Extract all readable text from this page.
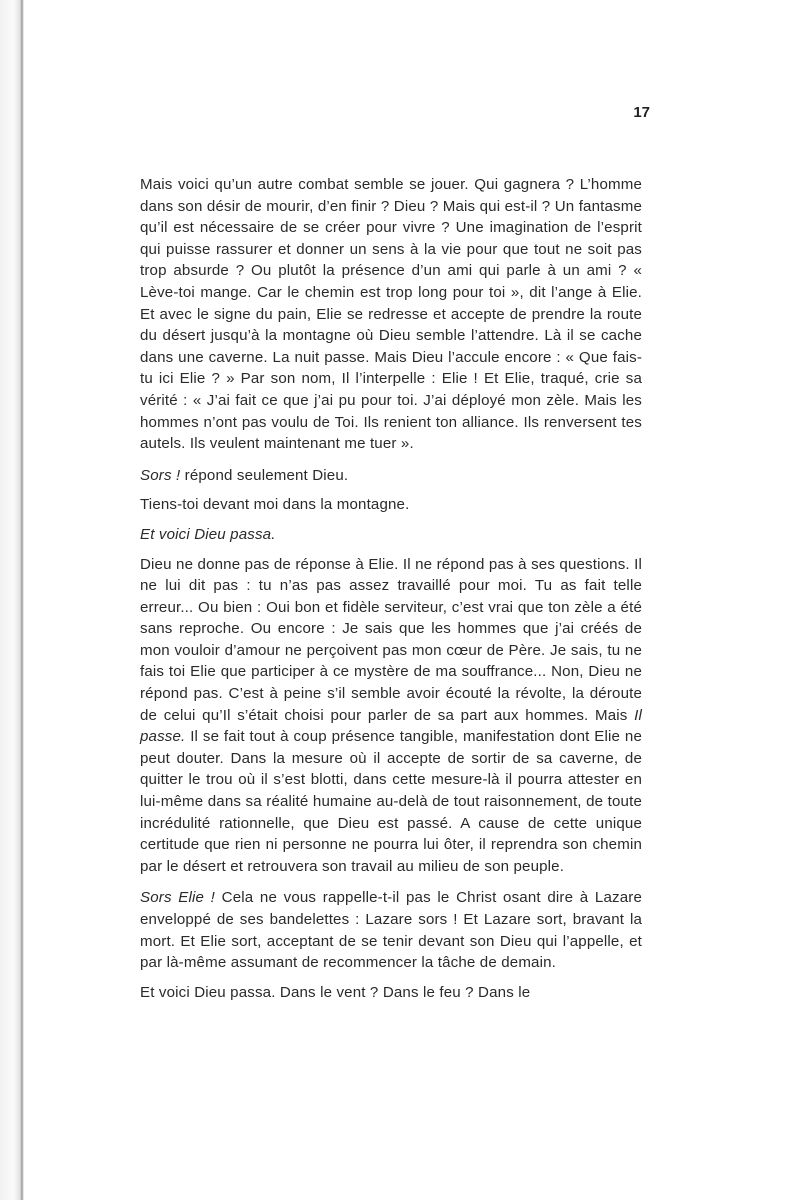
17

Mais voici qu’un autre combat semble se jouer. Qui gagnera ? L’homme dans son désir de mourir, d’en finir ? Dieu ? Mais qui est-il ? Un fantasme qu’il est nécessaire de se créer pour vivre ? Une imagination de l’esprit qui puisse rassurer et donner un sens à la vie pour que tout ne soit pas trop absurde ? Ou plutôt la présence d’un ami qui parle à un ami ? « Lève-toi mange. Car le chemin est trop long pour toi », dit l’ange à Elie. Et avec le signe du pain, Elie se redresse et accepte de prendre la route du désert jusqu’à la montagne où Dieu semble l’attendre. Là il se cache dans une caverne. La nuit passe. Mais Dieu l’accule encore : « Que fais-tu ici Elie ? » Par son nom, Il l’interpelle : Elie ! Et Elie, traqué, crie sa vérité : « J’ai fait ce que j’ai pu pour toi. J’ai déployé mon zèle. Mais les hommes n’ont pas voulu de Toi. Ils renient ton alliance. Ils renversent tes autels. Ils veulent maintenant me tuer ».

Sors ! répond seulement Dieu.

Tiens-toi devant moi dans la montagne.

Et voici Dieu passa.

Dieu ne donne pas de réponse à Elie. Il ne répond pas à ses questions. Il ne lui dit pas : tu n’as pas assez travaillé pour moi. Tu as fait telle erreur... Ou bien : Oui bon et fidèle serviteur, c’est vrai que ton zèle a été sans reproche. Ou encore : Je sais que les hommes que j’ai créés de mon vouloir d’amour ne perçoivent pas mon cœur de Père. Je sais, tu ne fais toi Elie que participer à ce mystère de ma souffrance... Non, Dieu ne répond pas. C’est à peine s’il semble avoir écouté la révolte, la déroute de celui qu’Il s’était choisi pour parler de sa part aux hommes. Mais Il passe. Il se fait tout à coup présence tangible, manifestation dont Elie ne peut douter. Dans la mesure où il accepte de sortir de sa caverne, de quitter le trou où il s’est blotti, dans cette mesure-là il pourra attester en lui-même dans sa réalité humaine au-delà de tout raisonnement, de toute incrédulité rationnelle, que Dieu est passé. A cause de cette unique certitude que rien ni personne ne pourra lui ôter, il reprendra son chemin par le désert et retrouvera son travail au milieu de son peuple.

Sors Elie ! Cela ne vous rappelle-t-il pas le Christ osant dire à Lazare enveloppé de ses bandelettes : Lazare sors ! Et Lazare sort, bravant la mort. Et Elie sort, acceptant de se tenir devant son Dieu qui l’appelle, et par là-même assumant de recommencer la tâche de demain.

Et voici Dieu passa. Dans le vent ? Dans le feu ? Dans le
